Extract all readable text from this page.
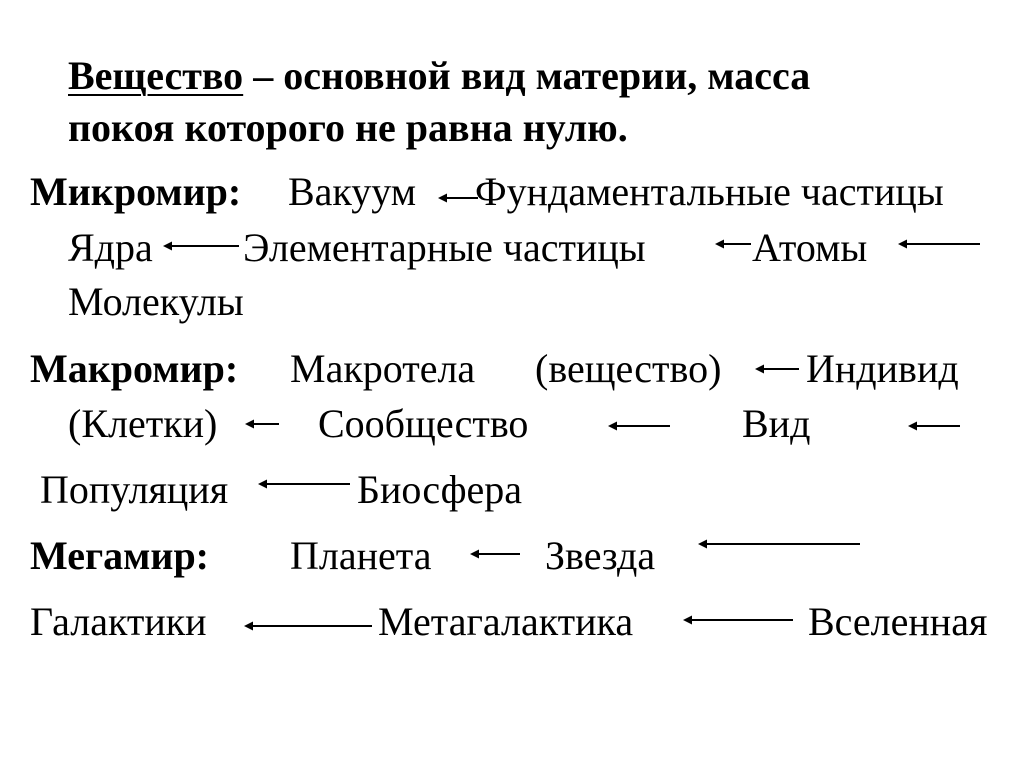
Вещество – основной вид материи, масса
покоя которого не равна нулю.
Микромир: Вакуум Фундаментальные частицы
Ядра Элементарные частицы	Атомы
Молекулы
Макромир: Макротела (вещество) Индивид
(Клетки)	Сообщество	Вид
Популяция	Биосфера
Мегамир: Планета	Звезда
Галактики	Метагалактика	Вселенная
